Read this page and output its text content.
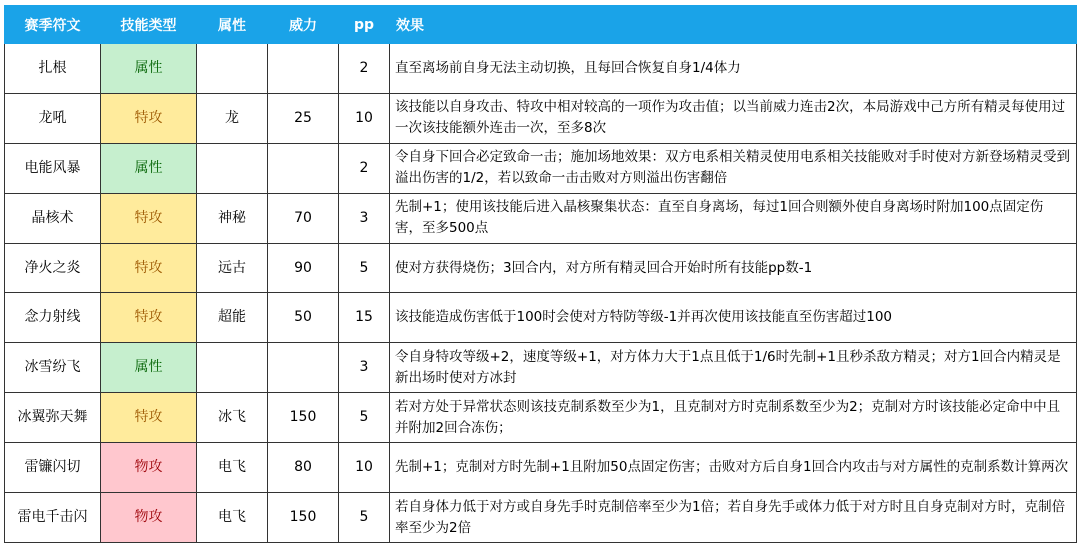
赛季符文	技能类型	属性	威力	pp	效果
扎根	属性			2	直至离场前自身无法主动切换，且每回合恢复自身1/4体力
龙吼	特攻	龙	25	10	该技能以自身攻击、特攻中相对较高的一项作为攻击值；以当前威力连击2次，本局游戏中己方所有精灵每使用过一次该技能额外连击一次，至多8次
电能风暴	属性			2	令自身下回合必定致命一击；施加场地效果：双方电系相关精灵使用电系相关技能败对手时使对方新登场精灵受到溢出伤害的1/2，若以致命一击击败对方则溢出伤害翻倍
晶核术	特攻	神秘	70	3	先制+1；使用该技能后进入晶核聚集状态：直至自身离场，每过1回合则额外使自身离场时附加100点固定伤害，至多500点
净火之炎	特攻	远古	90	5	使对方获得烧伤；3回合内，对方所有精灵回合开始时所有技能pp数-1
念力射线	特攻	超能	50	15	该技能造成伤害低于100时会使对方特防等级-1并再次使用该技能直至伤害超过100
冰雪纷飞	属性			3	令自身特攻等级+2，速度等级+1，对方体力大于1点且低于1/6时先制+1且秒杀敌方精灵；对方1回合内精灵是新出场时使对方冰封
冰翼弥天舞	特攻	冰飞	150	5	若对方处于异常状态则该技克制系数至少为1，且克制对方时克制系数至少为2；克制对方时该技能必定命中中且并附加2回合冻伤；
雷镰闪切	物攻	电飞	80	10	先制+1；克制对方时先制+1且附加50点固定伤害；击败对方后自身1回合内攻击与对方属性的克制系数计算两次
雷电千击闪	物攻	电飞	150	5	若自身体力低于对方或自身先手时克制倍率至少为1倍；若自身先手或体力低于对方时且自身克制对方时，克制倍率至少为2倍
